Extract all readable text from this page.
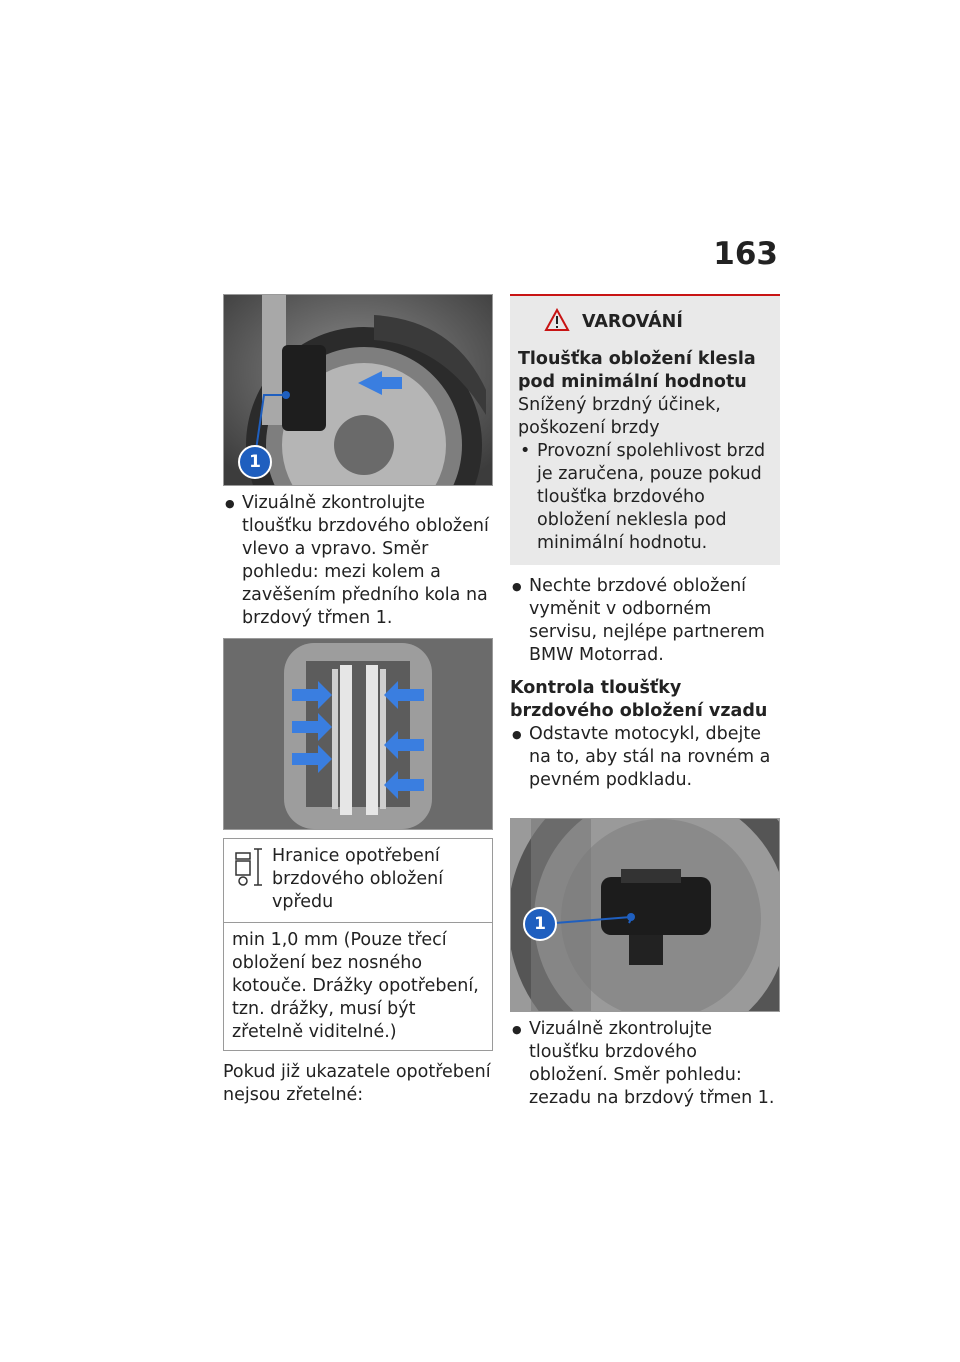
163
1

● Vizuálně zkontrolujte tloušťku brzdového obložení vlevo a vpravo. Směr pohledu: mezi kolem a zavěšením předního kola na brzdový třmen 1.

Hranice opotřebení brzdového obložení vpředu
min 1,0 mm (Pouze třecí obložení bez nosného kotouče. Drážky opotřebení, tzn. drážky, musí být zřetelně viditelné.)

Pokud již ukazatele opotřebení nejsou zřetelné:

VAROVÁNÍ
Tloušťka obložení klesla pod minimální hodnotu
Snížený brzdný účinek, poškození brzdy
• Provozní spolehlivost brzd je zaručena, pouze pokud tloušťka brzdového obložení neklesla pod minimální hodnotu.

● Nechte brzdové obložení vyměnit v odborném servisu, nejlépe partnerem BMW Motorrad.

Kontrola tloušťky brzdového obložení vzadu

● Odstavte motocykl, dbejte na to, aby stál na rovném a pevném podkladu.

1

● Vizuálně zkontrolujte tloušťku brzdového obložení. Směr pohledu: zezadu na brzdový třmen 1.
